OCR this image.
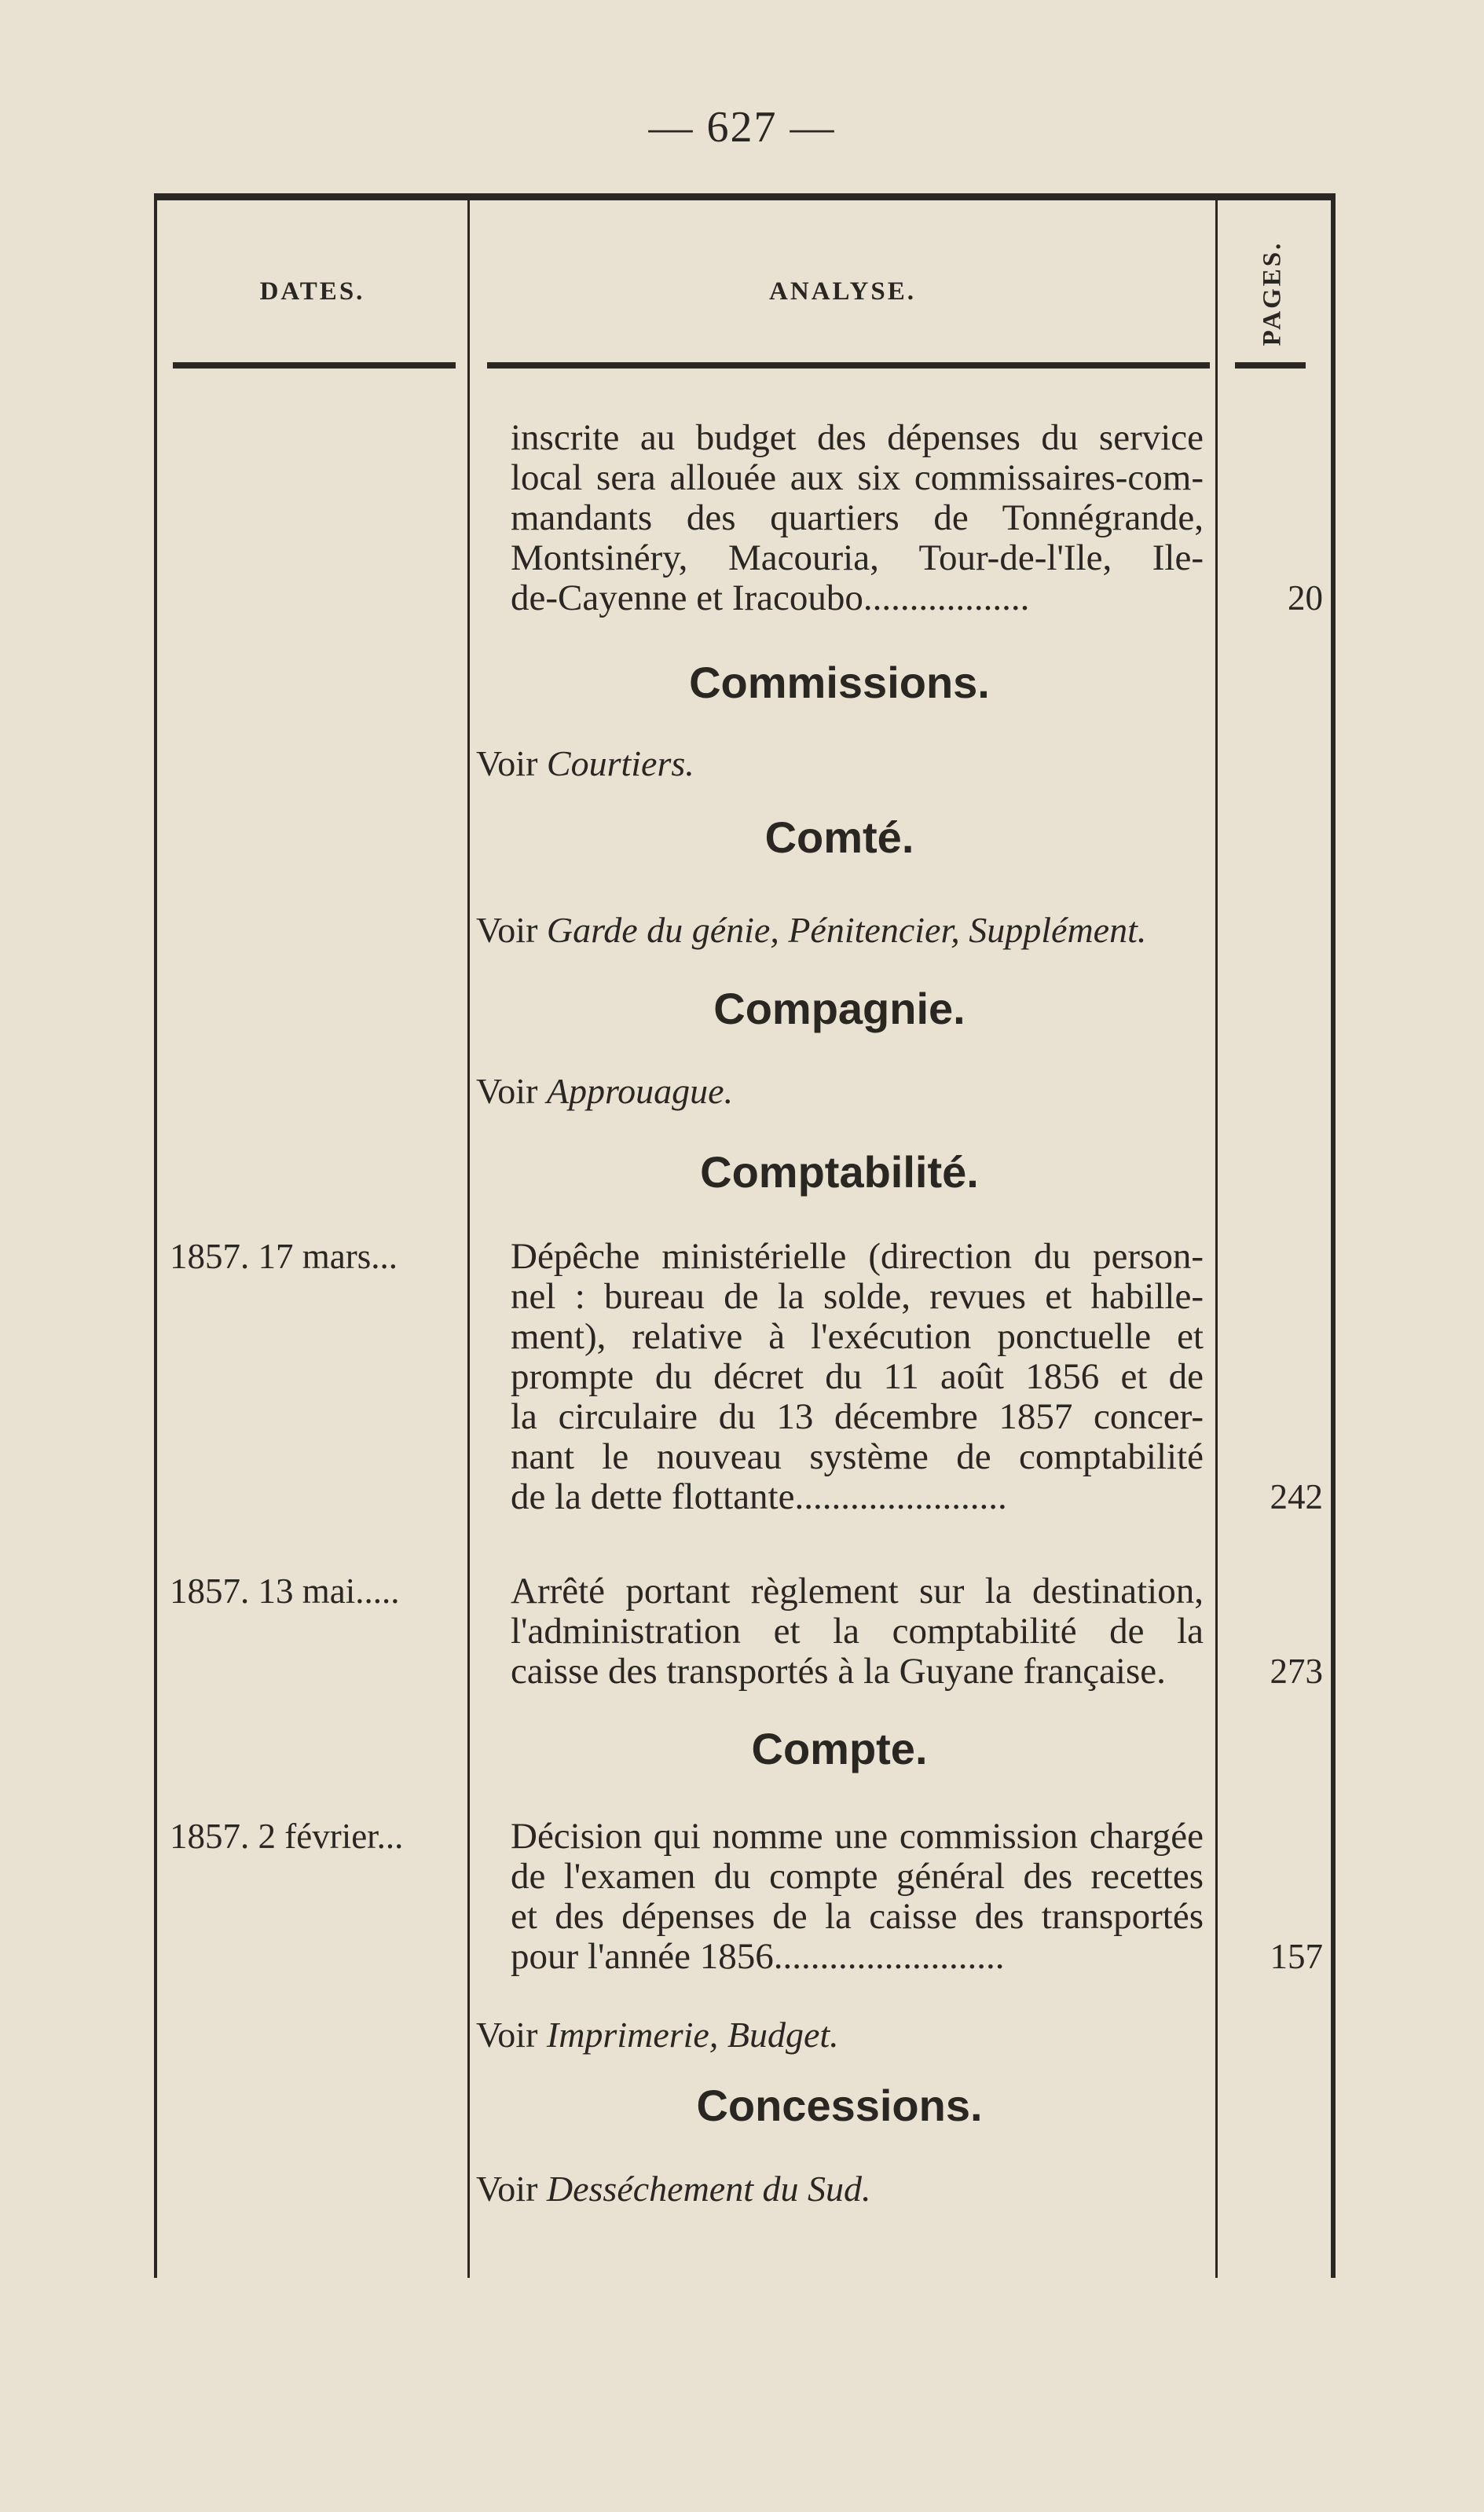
— 627 —
DATES.	ANALYSE.	PAGES.
inscrite au budget des dépenses du service
local sera allouée aux six commissaires-com-
mandants des quartiers de Tonnégrande,
Montsinéry, Macouria, Tour-de-l'Ile, Ile-
de-Cayenne et Iracoubo..................	20
Commissions.
Voir Courtiers.
Comté.
Voir Garde du génie, Pénitencier, Supplément.
Compagnie.
Voir Approuague.
Comptabilité.
1857. 17 mars...	Dépêche ministérielle (direction du person-
nel : bureau de la solde, revues et habille-
ment), relative à l'exécution ponctuelle et
prompte du décret du 11 août 1856 et de
la circulaire du 13 décembre 1857 concer-
nant le nouveau système de comptabilité
de la dette flottante.......................	242
1857. 13 mai.....	Arrêté portant règlement sur la destination,
l'administration et la comptabilité de la
caisse des transportés à la Guyane française.	273
Compte.
1857. 2 février...	Décision qui nomme une commission chargée
de l'examen du compte général des recettes
et des dépenses de la caisse des transportés
pour l'année 1856.........................	157
Voir Imprimerie, Budget.
Concessions.
Voir Desséchement du Sud.
